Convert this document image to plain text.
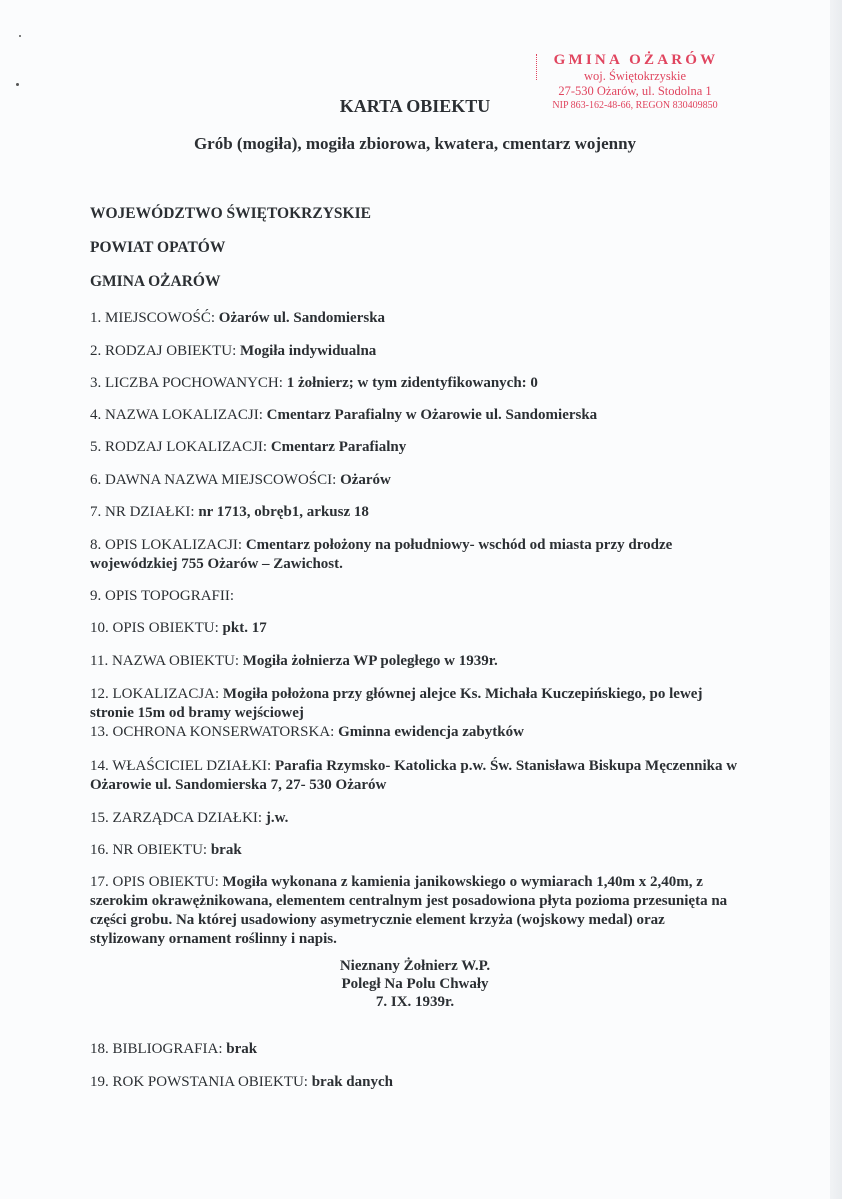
GMINA OŻARÓW
woj. Świętokrzyskie
27-530 Ożarów, ul. Stodolna 1
NIP 863-162-48-66, REGON 830409850
KARTA OBIEKTU
Grób (mogiła), mogiła zbiorowa, kwatera, cmentarz wojenny
WOJEWÓDZTWO ŚWIĘTOKRZYSKIE
POWIAT OPATÓW
GMINA OŻARÓW
1. MIEJSCOWOŚĆ: Ożarów ul. Sandomierska
2. RODZAJ OBIEKTU: Mogiła indywidualna
3. LICZBA POCHOWANYCH: 1 żołnierz; w tym zidentyfikowanych: 0
4. NAZWA LOKALIZACJI: Cmentarz Parafialny w Ożarowie ul. Sandomierska
5. RODZAJ LOKALIZACJI: Cmentarz Parafialny
6. DAWNA NAZWA MIEJSCOWOŚCI: Ożarów
7. NR DZIAŁKI: nr 1713, obręb1, arkusz 18
8. OPIS LOKALIZACJI: Cmentarz położony na południowy- wschód od miasta przy drodze wojewódzkiej 755 Ożarów – Zawichost.
9. OPIS TOPOGRAFII:
10. OPIS OBIEKTU: pkt. 17
11. NAZWA OBIEKTU: Mogiła żołnierza WP poległego w 1939r.
12. LOKALIZACJA: Mogiła położona przy głównej alejce Ks. Michała Kuczepińskiego, po lewej stronie 15m od bramy wejściowej
13. OCHRONA KONSERWATORSKA: Gminna ewidencja zabytków
14. WŁAŚCICIEL DZIAŁKI: Parafia Rzymsko- Katolicka p.w. Św. Stanisława Biskupa Męczennika w Ożarowie ul. Sandomierska 7, 27- 530 Ożarów
15. ZARZĄDCA DZIAŁKI: j.w.
16. NR OBIEKTU: brak
17. OPIS OBIEKTU: Mogiła wykonana z kamienia janikowskiego o wymiarach 1,40m x 2,40m, z szerokim okrawężnikowana, elementem centralnym jest posadowiona płyta pozioma przesunięta na części grobu. Na której usadowiony asymetrycznie element krzyża (wojskowy medal) oraz stylizowany ornament roślinny i napis.
Nieznany Żołnierz W.P.
Poległ Na Polu Chwały
7. IX. 1939r.
18. BIBLIOGRAFIA: brak
19. ROK POWSTANIA OBIEKTU: brak danych
